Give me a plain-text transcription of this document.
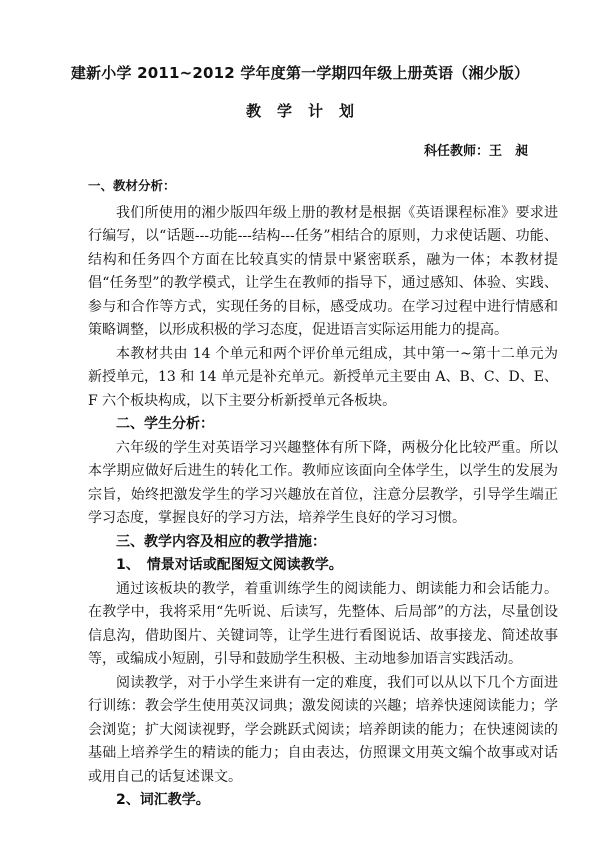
建新小学 2011~2012 学年度第一学期四年级上册英语（湘少版）
教学计划
科任教师：王　昶
一、教材分析：

我们所使用的湘少版四年级上册的教材是根据《英语课程标准》要求进行编写，以“话题---功能---结构---任务”相结合的原则，力求使话题、功能、结构和任务四个方面在比较真实的情景中紧密联系，融为一体；本教材提倡“任务型”的教学模式，让学生在教师的指导下，通过感知、体验、实践、参与和合作等方式，实现任务的目标，感受成功。在学习过程中进行情感和策略调整，以形成积极的学习态度，促进语言实际运用能力的提高。

本教材共由 14 个单元和两个评价单元组成，其中第一~第十二单元为新授单元，13 和 14 单元是补充单元。新授单元主要由 A、B、C、D、E、F 六个板块构成，以下主要分析新授单元各板块。

二、学生分析：

六年级的学生对英语学习兴趣整体有所下降，两极分化比较严重。所以本学期应做好后进生的转化工作。教师应该面向全体学生，以学生的发展为宗旨，始终把激发学生的学习兴趣放在首位，注意分层教学，引导学生端正学习态度，掌握良好的学习方法，培养学生良好的学习习惯。

三、教学内容及相应的教学措施：
1、　情景对话或配图短文阅读教学。

通过该板块的教学，着重训练学生的阅读能力、朗读能力和会话能力。在教学中，我将采用“先听说、后读写，先整体、后局部”的方法，尽量创设信息沟，借助图片、关键词等，让学生进行看图说话、故事接龙、简述故事等，或编成小短剧，引导和鼓励学生积极、主动地参加语言实践活动。

阅读教学，对于小学生来讲有一定的难度，我们可以从以下几个方面进行训练：教会学生使用英汉词典；激发阅读的兴趣；培养快速阅读能力；学会浏览；扩大阅读视野，学会跳跃式阅读；培养朗读的能力；在快速阅读的基础上培养学生的精读的能力；自由表达，仿照课文用英文编个故事或对话或用自己的话复述课文。

2、词汇教学。
